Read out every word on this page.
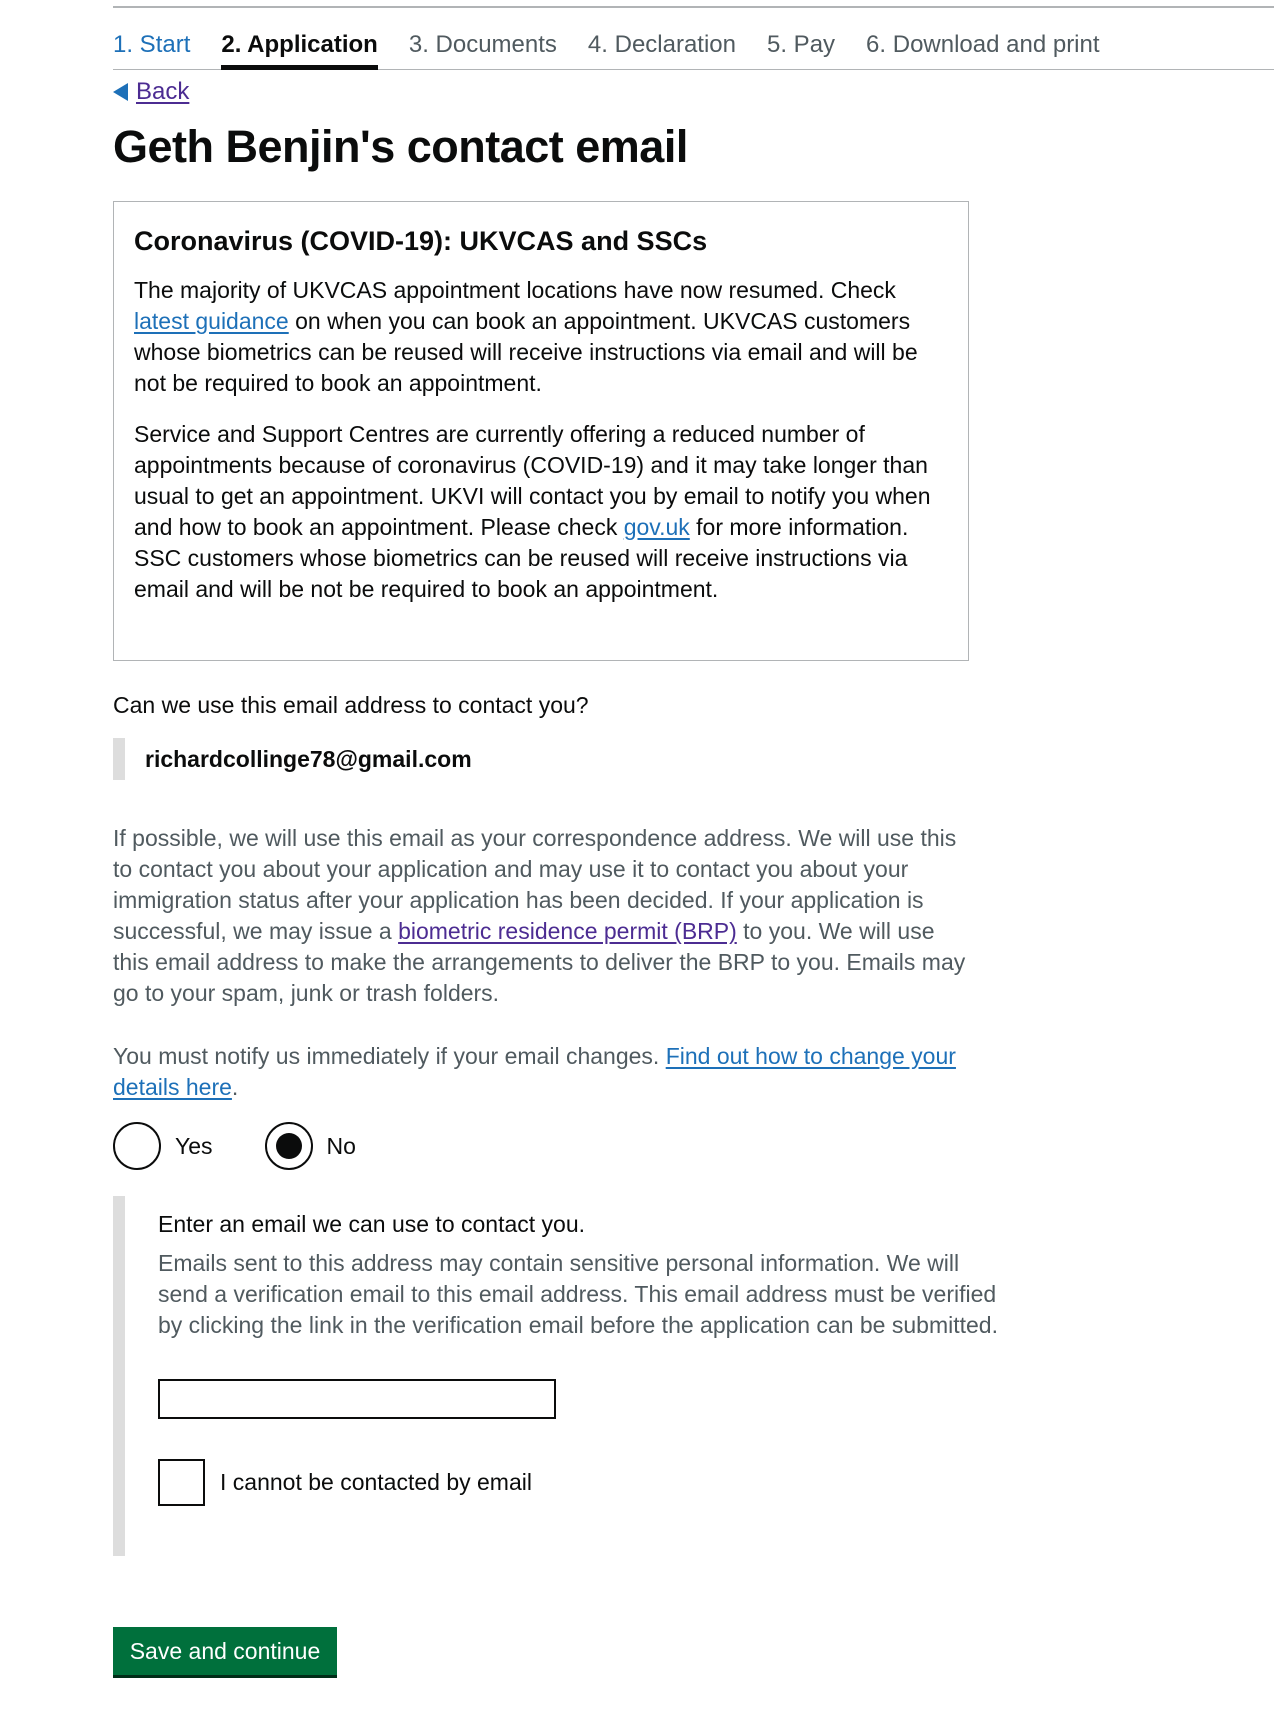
1. Start 2. Application 3. Documents 4. Declaration 5. Pay 6. Download and print
Back
Geth Benjin's contact email
Coronavirus (COVID-19): UKVCAS and SSCs

The majority of UKVCAS appointment locations have now resumed. Check latest guidance on when you can book an appointment. UKVCAS customers whose biometrics can be reused will receive instructions via email and will be not be required to book an appointment.

Service and Support Centres are currently offering a reduced number of appointments because of coronavirus (COVID-19) and it may take longer than usual to get an appointment. UKVI will contact you by email to notify you when and how to book an appointment. Please check gov.uk for more information. SSC customers whose biometrics can be reused will receive instructions via email and will be not be required to book an appointment.

Can we use this email address to contact you?
richardcollinge78@gmail.com

If possible, we will use this email as your correspondence address. We will use this to contact you about your application and may use it to contact you about your immigration status after your application has been decided. If your application is successful, we may issue a biometric residence permit (BRP) to you. We will use this email address to make the arrangements to deliver the BRP to you. Emails may go to your spam, junk or trash folders.

You must notify us immediately if your email changes. Find out how to change your details here.

Yes	No
Enter an email we can use to contact you.

Emails sent to this address may contain sensitive personal information. We will send a verification email to this email address. This email address must be verified by clicking the link in the verification email before the application can be submitted.

I cannot be contacted by email
Save and continue
